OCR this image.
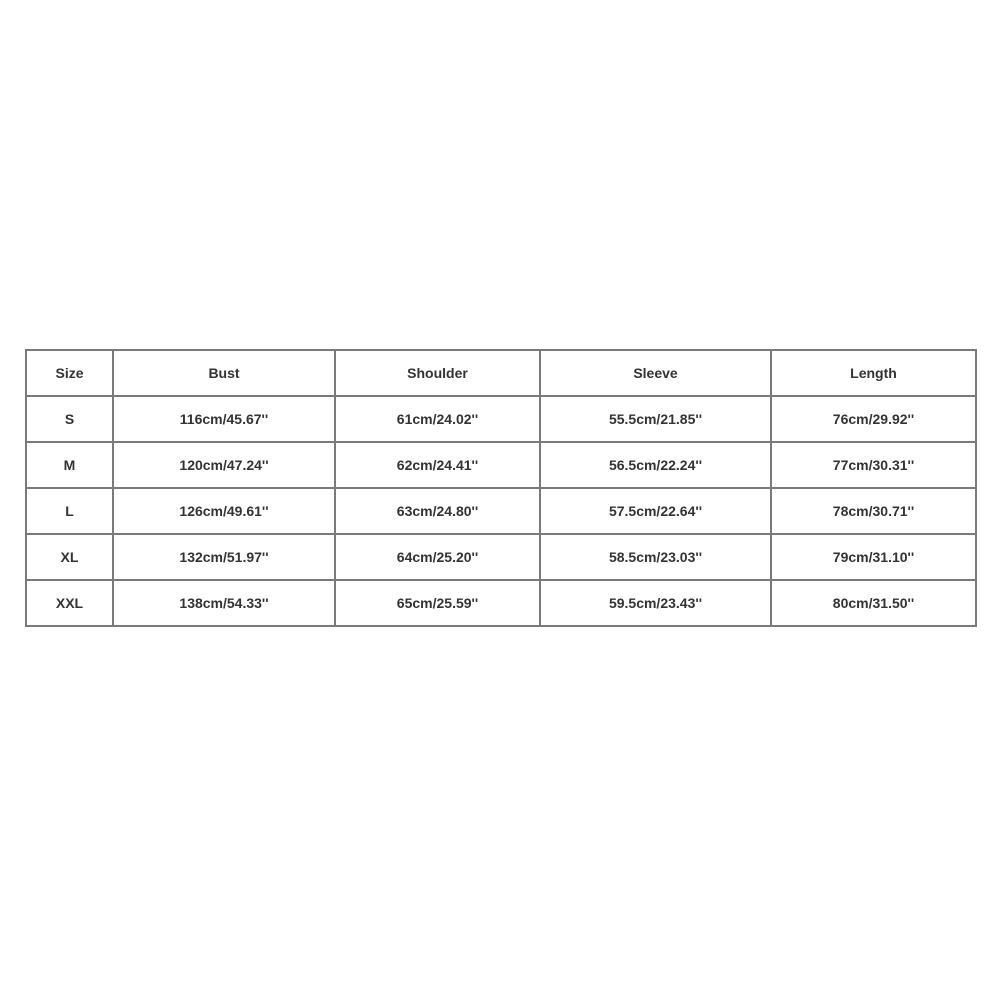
Size	Bust	Shoulder	Sleeve	Length
S	116cm/45.67''	61cm/24.02''	55.5cm/21.85''	76cm/29.92''
M	120cm/47.24''	62cm/24.41''	56.5cm/22.24''	77cm/30.31''
L	126cm/49.61''	63cm/24.80''	57.5cm/22.64''	78cm/30.71''
XL	132cm/51.97''	64cm/25.20''	58.5cm/23.03''	79cm/31.10''
XXL	138cm/54.33''	65cm/25.59''	59.5cm/23.43''	80cm/31.50''
